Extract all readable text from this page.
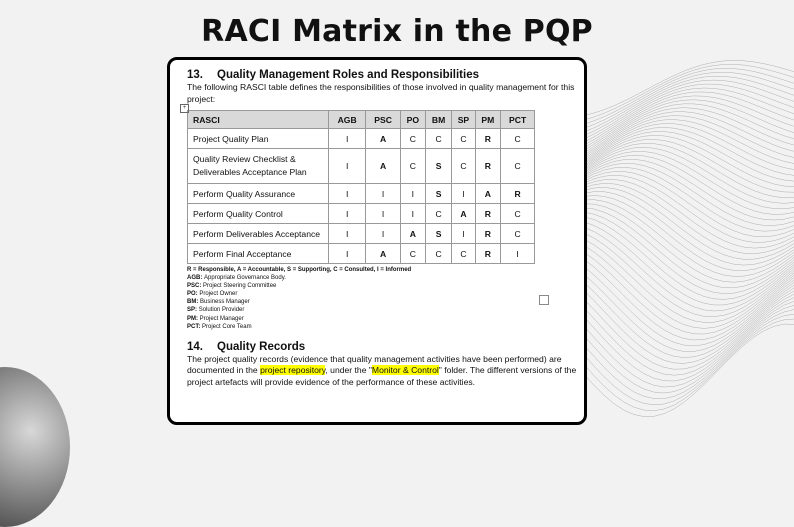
RACI Matrix in the PQP
+
13.	Quality Management Roles and Responsibilities

The following RASCI table defines the responsibilities of those involved in quality management for this project:

RASCI	AGB	PSC	PO	BM	SP	PM	PCT
Project Quality Plan	I	A	C	C	C	R	C
Quality Review Checklist & Deliverables Acceptance Plan	I	A	C	S	C	R	C
Perform Quality Assurance	I	I	I	S	I	A	R
Perform Quality Control	I	I	I	C	A	R	C
Perform Deliverables Acceptance	I	I	A	S	I	R	C
Perform Final Acceptance	I	A	C	C	C	R	I
R = Responsible, A = Accountable, S = Supporting, C = Consulted, I = Informed
AGB: Appropriate Governance Body.
PSC: Project Steering Committee
PO: Project Owner
BM: Business Manager
SP: Solution Provider
PM: Project Manager
PCT: Project Core Team
14.	Quality Records

The project quality records (evidence that quality management activities have been performed) are documented in the project repository, under the "Monitor & Control" folder. The different versions of the project artefacts will provide evidence of the performance of these activities.
